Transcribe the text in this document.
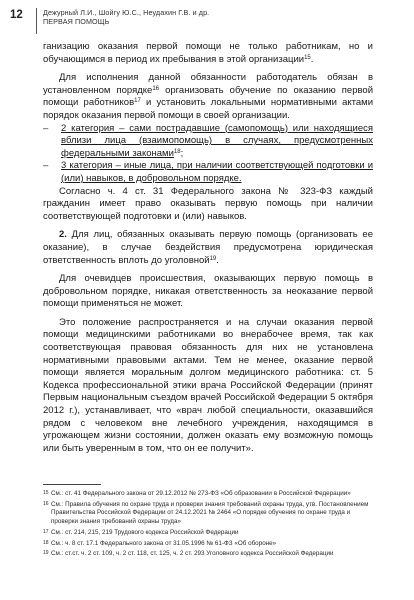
12	Дежурный Л.И., Шойгу Ю.С., Неудахин Г.В. и др.
ПЕРВАЯ ПОМОЩЬ

ганизацию оказания первой помощи не только работникам, но и обучающимся в период их пребывания в этой организации$^{15}$.

Для исполнения данной обязанности работодатель обязан в установленном порядке$^{16}$ организовать обучение по оказанию первой помощи работников$^{17}$ и установить локальными нормативными актами порядок оказания первой помощи в своей организации.

– 2 категория – сами пострадавшие (самопомощь) или находящиеся вблизи лица (взаимопомощь) в случаях, предусмотренных федеральными законами$^{18}$;

– 3 категория – иные лица, при наличии соответствующей подготовки и (или) навыков, в добровольном порядке.

Согласно ч. 4 ст. 31 Федерального закона № 323-ФЗ каждый гражданин имеет право оказывать первую помощь при наличии соответствующей подготовки и (или) навыков.

2. Для лиц, обязанных оказывать первую помощь (организовать ее оказание), в случае бездействия предусмотрена юридическая ответственность вплоть до уголовной$^{19}$.

Для очевидцев происшествия, оказывающих первую помощь в добровольном порядке, никакая ответственность за неоказание первой помощи применяться не может.

Это положение распространяется и на случаи оказания первой помощи медицинскими работниками во внерабочее время, так как соответствующая правовая обязанность для них не установлена нормативными правовыми актами. Тем не менее, оказание первой помощи является моральным долгом медицинского работника: ст. 5 Кодекса профессиональной этики врача Российской Федерации (принят Первым национальным съездом врачей Российской Федерации 5 октября 2012 г.), устанавливает, что «врач любой специальности, оказавшийся рядом с человеком вне лечебного учреждения, находящимся в угрожающем жизни состоянии, должен оказать ему возможную помощь или быть уверенным в том, что он ее получит».

15 См.: ст. 41 Федерального закона от 29.12.2012 № 273-ФЗ «Об образовании в Российской Федерации»
16 См.: Правила обучения по охране труда и проверки знания требований охраны труда, утв. Постановлением Правительства Российской Федерации от 24.12.2021 № 2464 «О порядке обучения по охране труда и проверки знания требований охраны труда»
17 См.: ст. 214, 215, 219 Трудового кодекса Российской Федерации
18 См.: ч. 8 ст. 17.1 Федерального закона от 31.05.1996 № 61-ФЗ «Об обороне»
19 См.: ст.ст. ч. 2 ст. 109, ч. 2 ст. 118, ст. 125, ч. 2 ст. 293 Уголовного кодекса Российской Федерации
